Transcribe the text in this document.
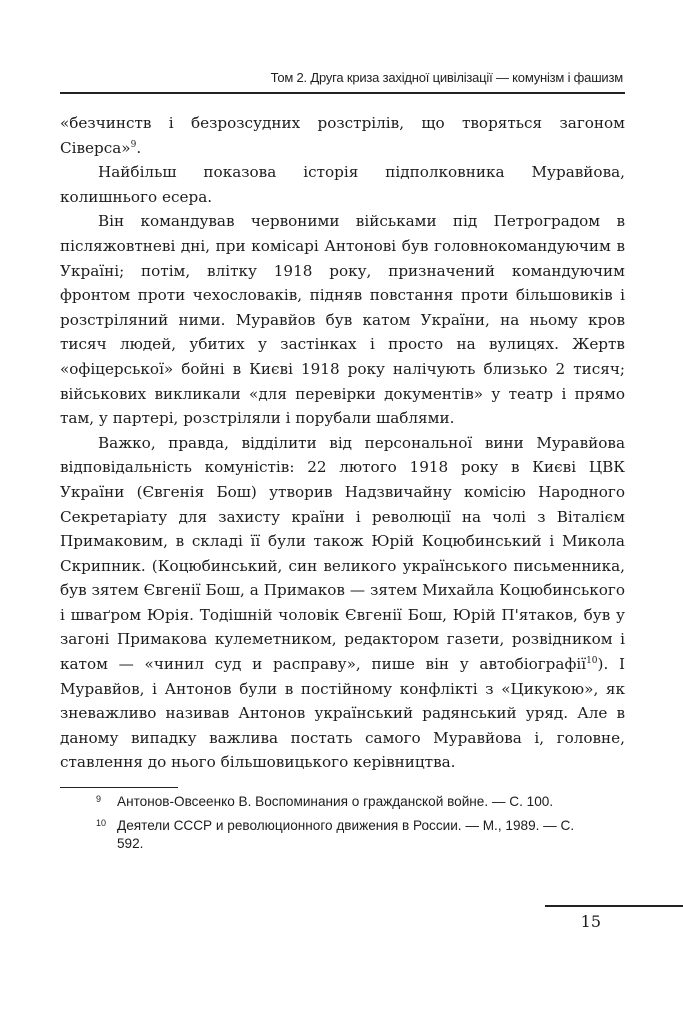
Том 2. Друга криза західної цивілізації — комунізм і фашизм

«безчинств і безрозсудних розстрілів, що творяться загоном Сіверса»$^9$.

Найбільш показова історія підполковника Муравйова, колишнього есера.

Він командував червоними військами під Петроградом в післяжовтневі дні, при комісарі Антонові був головнокомандуючим в Україні; потім, влітку 1918 року, призначений командуючим фронтом проти чехословаків, підняв повстання проти більшовиків і розстріляний ними. Муравйов був катом України, на ньому кров тисяч людей, убитих у застінках і просто на вулицях. Жертв «офіцерської» бойні в Києві 1918 року налічують близько 2 тисяч; військових викликали «для перевірки документів» у театр і прямо там, у партері, розстріляли і порубали шаблями.

Важко, правда, відділити від персональної вини Муравйова відповідальність комуністів: 22 лютого 1918 року в Києві ЦВК України (Євгенія Бош) утворив Надзвичайну комісію Народного Секретаріату для захисту країни і революції на чолі з Віталієм Примаковим, в складі її були також Юрій Коцюбинський і Микола Скрипник. (Коцюбинський, син великого українського письменника, був зятем Євгенії Бош, а Примаков — зятем Михайла Коцюбинського і шваґром Юрія. Тодішній чоловік Євгенії Бош, Юрій П'ятаков, був у загоні Примакова кулеметником, редактором газети, розвідником і катом — «чинил суд и расправу», пише він у автобіографії$^{10}$). І Муравйов, і Антонов були в постійному конфлікті з «Цикукою», як зневажливо називав Антонов український радянський уряд. Але в даному випадку важлива постать самого Муравйова і, головне, ставлення до нього більшовицького керівництва.

9 Антонов-Овсеенко В. Воспоминания о гражданской войне. — С. 100.
10 Деятели СССР и революционного движения в России. — М., 1989. — С. 592.
15
